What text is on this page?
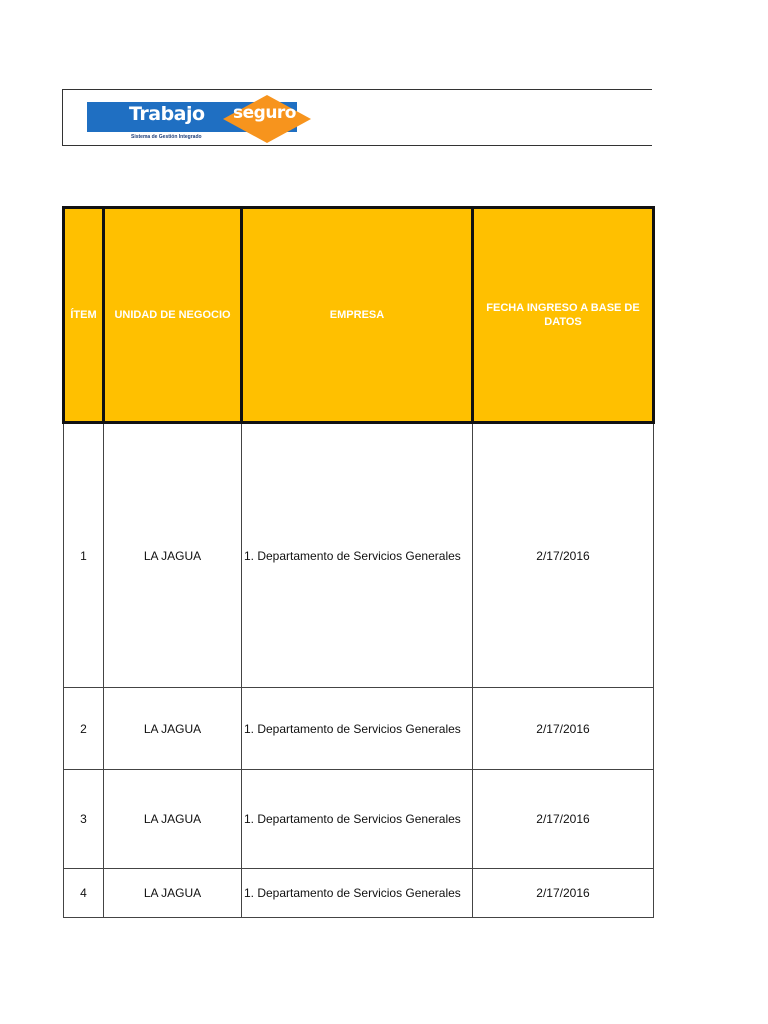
Trabajo seguro
Sistema de Gestión Integrado
ÍTEM	UNIDAD DE NEGOCIO	EMPRESA	FECHA INGRESO A BASE DE DATOS
1	LA JAGUA	1. Departamento de Servicios Generales	2/17/2016
2	LA JAGUA	1. Departamento de Servicios Generales	2/17/2016
3	LA JAGUA	1. Departamento de Servicios Generales	2/17/2016
4	LA JAGUA	1. Departamento de Servicios Generales	2/17/2016
